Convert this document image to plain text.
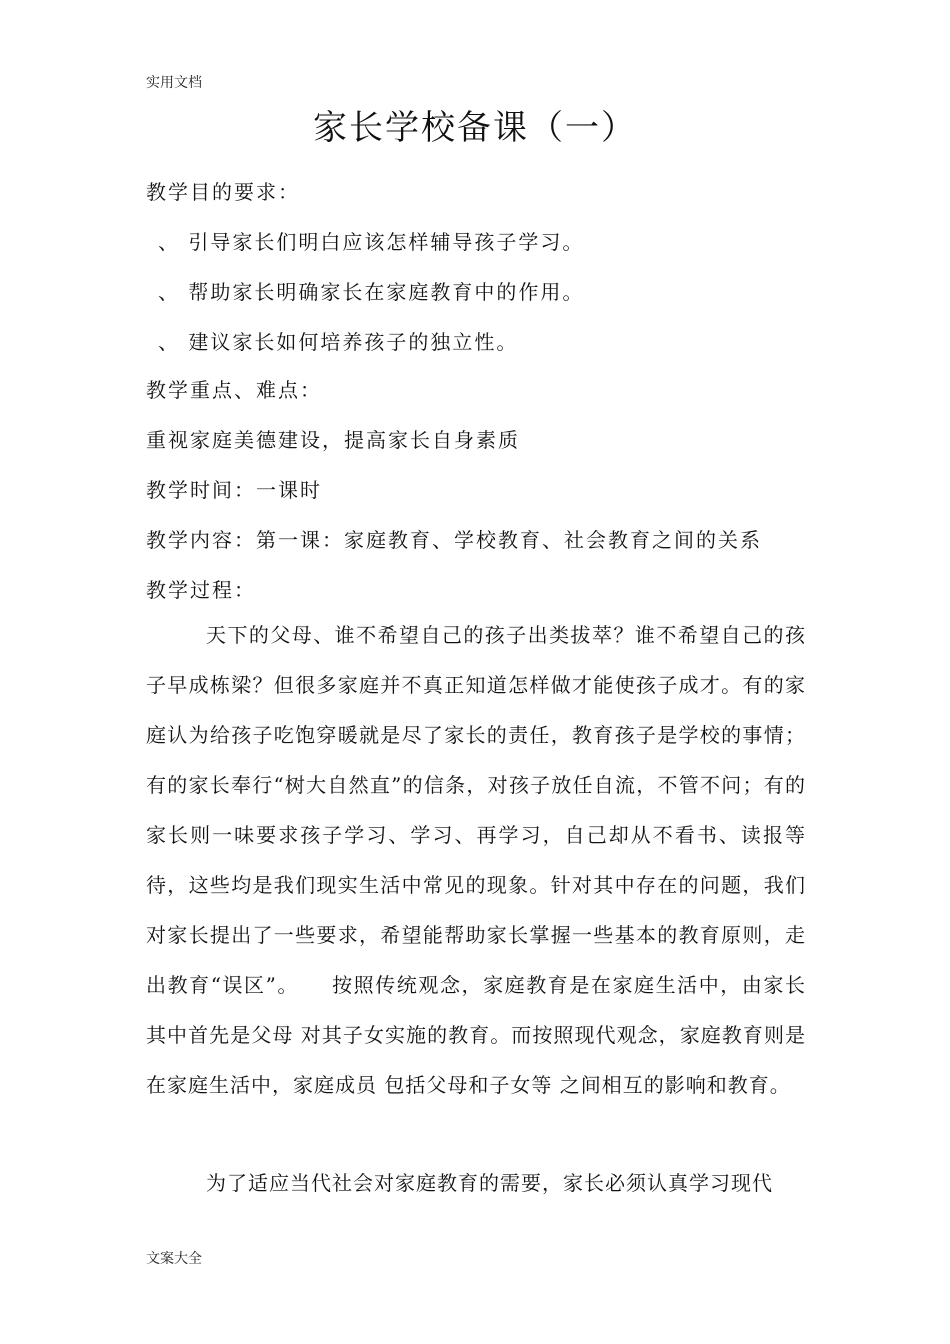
实用文档
家长学校备课（一）
教学目的要求：
、 引导家长们明白应该怎样辅导孩子学习。
、 帮助家长明确家长在家庭教育中的作用。
、 建议家长如何培养孩子的独立性。
教学重点、难点：
重视家庭美德建设，提高家长自身素质
教学时间：一课时
教学内容：第一课：家庭教育、学校教育、社会教育之间的关系
教学过程：
天下的父母、谁不希望自己的孩子出类拔萃？谁不希望自己的孩子早成栋梁？但很多家庭并不真正知道怎样做才能使孩子成才。有的家庭认为给孩子吃饱穿暖就是尽了家长的责任，教育孩子是学校的事情；有的家长奉行“树大自然直”的信条，对孩子放任自流，不管不问；有的家长则一味要求孩子学习、学习、再学习，自己却从不看书、读报等待，这些均是我们现实生活中常见的现象。针对其中存在的问题，我们对家长提出了一些要求，希望能帮助家长掌握一些基本的教育原则，走出教育“误区”。　　按照传统观念，家庭教育是在家庭生活中，由家长 其中首先是父母 对其子女实施的教育。而按照现代观念，家庭教育则是在家庭生活中，家庭成员 包括父母和子女等 之间相互的影响和教育。
为了适应当代社会对家庭教育的需要，家长必须认真学习现代
文案大全
